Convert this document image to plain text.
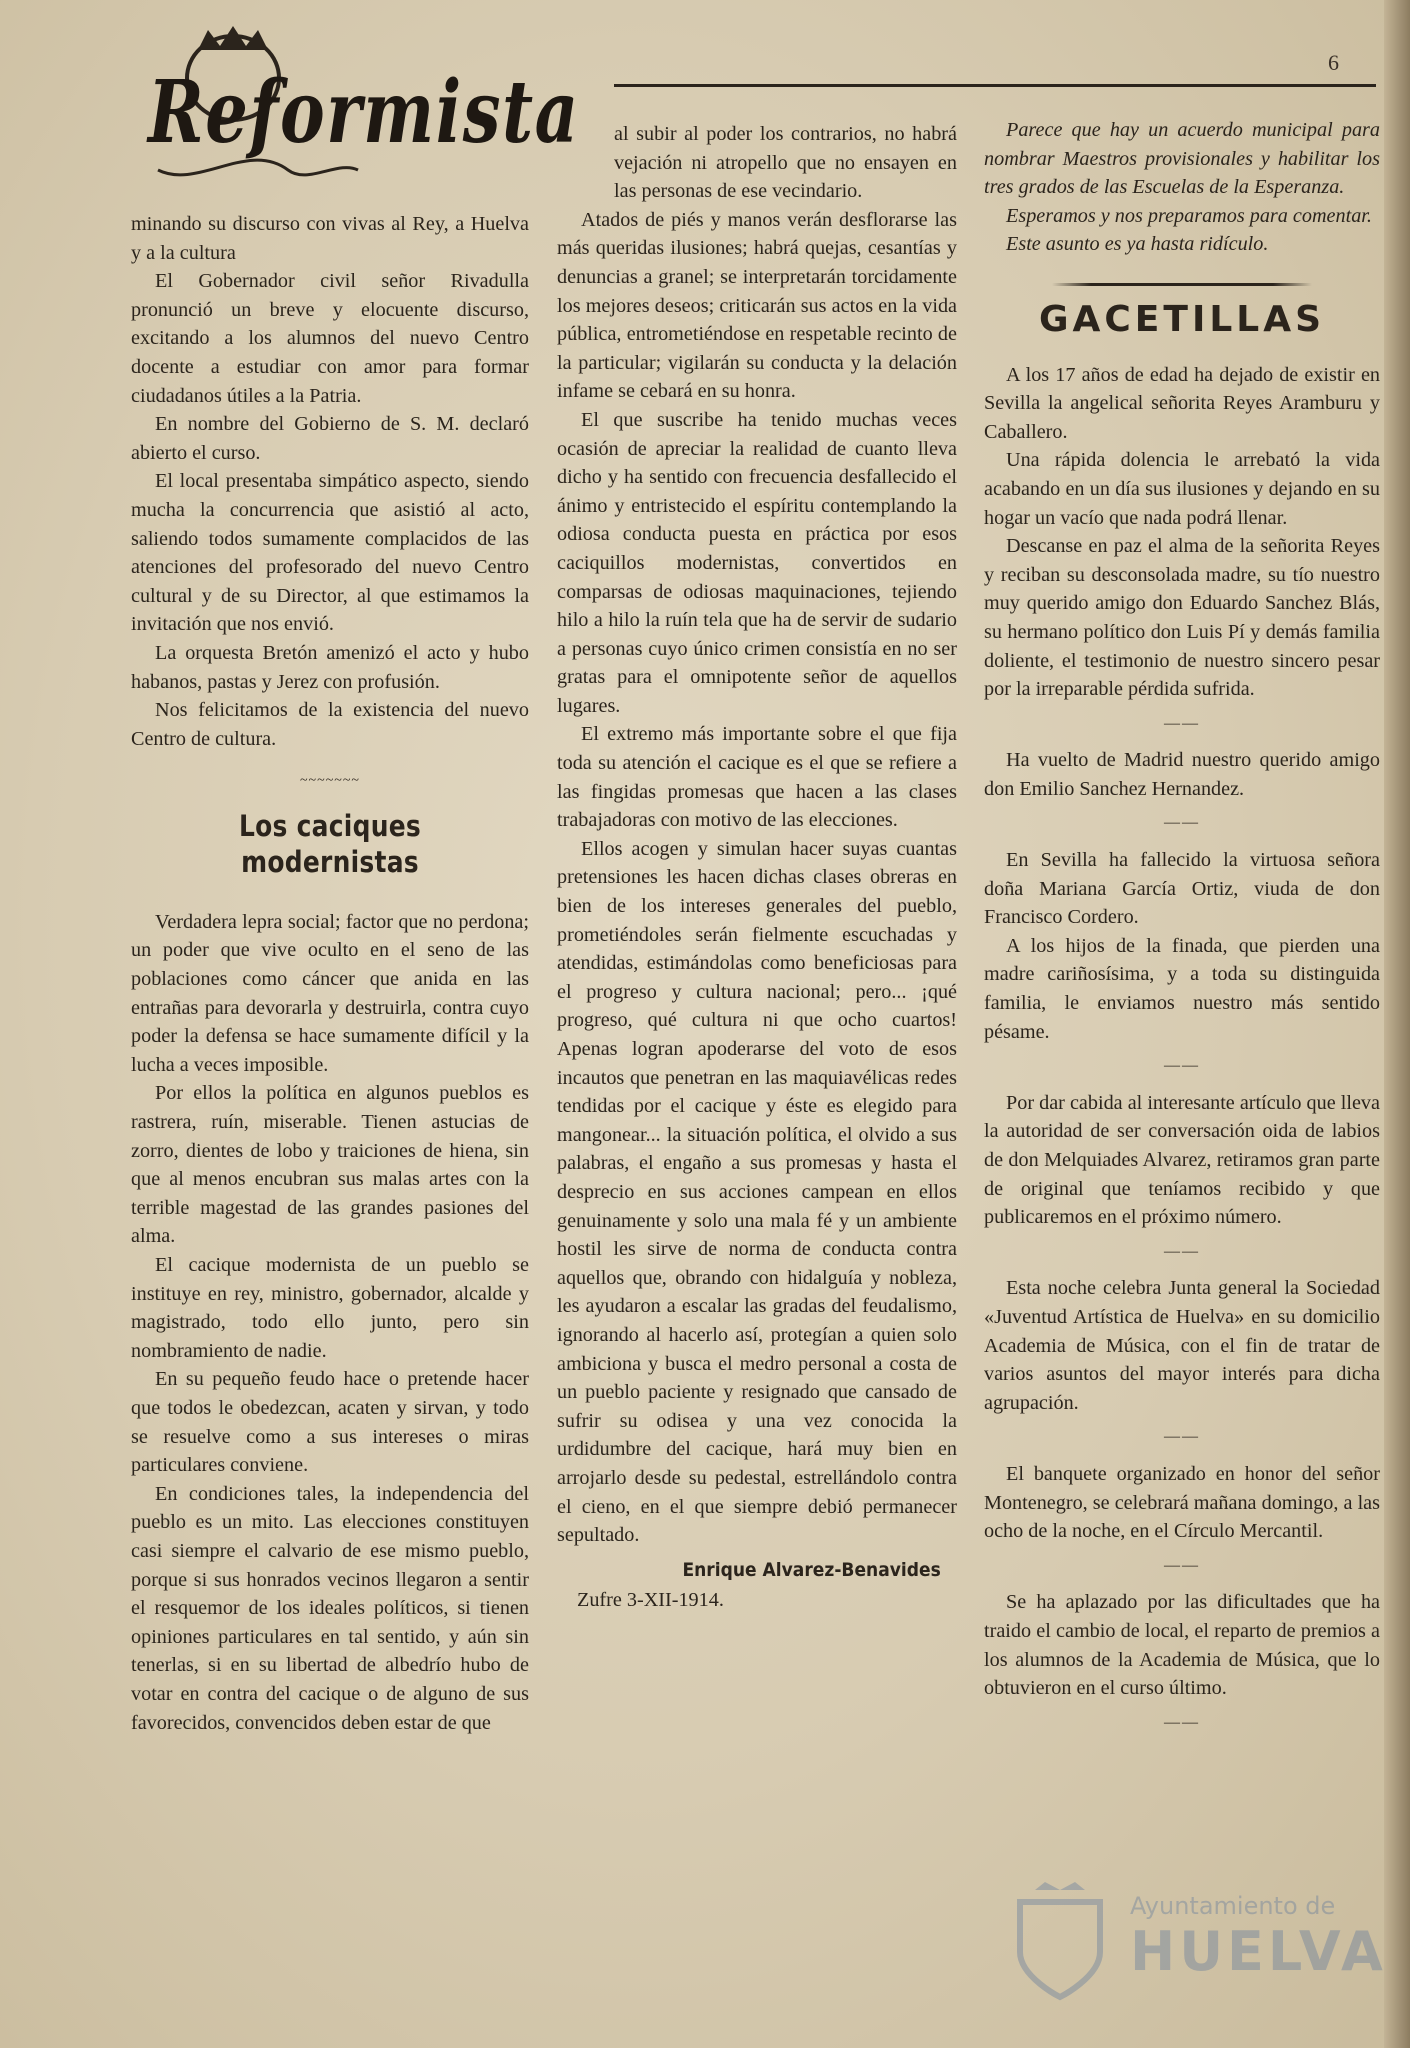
Reformista	6

minando su discurso con vivas al Rey, a Huelva y a la cultura

El Gobernador civil señor Rivadulla pronunció un breve y elocuente discurso, excitando a los alumnos del nuevo Centro docente a estudiar con amor para formar ciudadanos útiles a la Patria.

En nombre del Gobierno de S. M. declaró abierto el curso.

El local presentaba simpático aspecto, siendo mucha la concurrencia que asistió al acto, saliendo todos sumamente complacidos de las atenciones del profesorado del nuevo Centro cultural y de su Director, al que estimamos la invitación que nos envió.

La orquesta Bretón amenizó el acto y hubo habanos, pastas y Jerez con profusión.

Nos felicitamos de la existencia del nuevo Centro de cultura.

~~~~~~~
Los caciques modernistas

Verdadera lepra social; factor que no perdona; un poder que vive oculto en el seno de las poblaciones como cáncer que anida en las entrañas para devorarla y destruirla, contra cuyo poder la defensa se hace sumamente difícil y la lucha a veces imposible.

Por ellos la política en algunos pueblos es rastrera, ruín, miserable. Tienen astucias de zorro, dientes de lobo y traiciones de hiena, sin que al menos encubran sus malas artes con la terrible magestad de las grandes pasiones del alma.

El cacique modernista de un pueblo se instituye en rey, ministro, gobernador, alcalde y magistrado, todo ello junto, pero sin nombramiento de nadie.

En su pequeño feudo hace o pretende hacer que todos le obedezcan, acaten y sirvan, y todo se resuelve como a sus intereses o miras particulares conviene.

En condiciones tales, la independencia del pueblo es un mito. Las elecciones constituyen casi siempre el calvario de ese mismo pueblo, porque si sus honrados vecinos llegaron a sentir el resquemor de los ideales políticos, si tienen opiniones particulares en tal sentido, y aún sin tenerlas, si en su libertad de albedrío hubo de votar en contra del cacique o de alguno de sus favorecidos, convencidos deben estar de que

al subir al poder los contrarios, no habrá vejación ni atropello que no ensayen en las personas de ese vecindario.

Atados de piés y manos verán desflorarse las más queridas ilusiones; habrá quejas, cesantías y denuncias a granel; se interpretarán torcidamente los mejores deseos; criticarán sus actos en la vida pública, entrometiéndose en respetable recinto de la particular; vigilarán su conducta y la delación infame se cebará en su honra.

El que suscribe ha tenido muchas veces ocasión de apreciar la realidad de cuanto lleva dicho y ha sentido con frecuencia desfallecido el ánimo y entristecido el espíritu contemplando la odiosa conducta puesta en práctica por esos caciquillos modernistas, convertidos en comparsas de odiosas maquinaciones, tejiendo hilo a hilo la ruín tela que ha de servir de sudario a personas cuyo único crimen consistía en no ser gratas para el omnipotente señor de aquellos lugares.

El extremo más importante sobre el que fija toda su atención el cacique es el que se refiere a las fingidas promesas que hacen a las clases trabajadoras con motivo de las elecciones.

Ellos acogen y simulan hacer suyas cuantas pretensiones les hacen dichas clases obreras en bien de los intereses generales del pueblo, prometiéndoles serán fielmente escuchadas y atendidas, estimándolas como beneficiosas para el progreso y cultura nacional; pero... ¡qué progreso, qué cultura ni que ocho cuartos! Apenas logran apoderarse del voto de esos incautos que penetran en las maquiavélicas redes tendidas por el cacique y éste es elegido para mangonear... la situación política, el olvido a sus palabras, el engaño a sus promesas y hasta el desprecio en sus acciones campean en ellos genuinamente y solo una mala fé y un ambiente hostil les sirve de norma de conducta contra aquellos que, obrando con hidalguía y nobleza, les ayudaron a escalar las gradas del feudalismo, ignorando al hacerlo así, protegían a quien solo ambiciona y busca el medro personal a costa de un pueblo paciente y resignado que cansado de sufrir su odisea y una vez conocida la urdidumbre del cacique, hará muy bien en arrojarlo desde su pedestal, estrellándolo contra el cieno, en el que siempre debió permanecer sepultado.

Enrique Alvarez-Benavides

Zufre 3-XII-1914.

Parece que hay un acuerdo municipal para nombrar Maestros provisionales y habilitar los tres grados de las Escuelas de la Esperanza.

Esperamos y nos preparamos para comentar.

Este asunto es ya hasta ridículo.

GACETILLAS

A los 17 años de edad ha dejado de existir en Sevilla la angelical señorita Reyes Aramburu y Caballero.

Una rápida dolencia le arrebató la vida acabando en un día sus ilusiones y dejando en su hogar un vacío que nada podrá llenar.

Descanse en paz el alma de la señorita Reyes y reciban su desconsolada madre, su tío nuestro muy querido amigo don Eduardo Sanchez Blás, su hermano político don Luis Pí y demás familia doliente, el testimonio de nuestro sincero pesar por la irreparable pérdida sufrida.

——

Ha vuelto de Madrid nuestro querido amigo don Emilio Sanchez Hernandez.

——

En Sevilla ha fallecido la virtuosa señora doña Mariana García Ortiz, viuda de don Francisco Cordero.

A los hijos de la finada, que pierden una madre cariñosísima, y a toda su distinguida familia, le enviamos nuestro más sentido pésame.

——

Por dar cabida al interesante artículo que lleva la autoridad de ser conversación oida de labios de don Melquiades Alvarez, retiramos gran parte de original que teníamos recibido y que publicaremos en el próximo número.

——

Esta noche celebra Junta general la Sociedad «Juventud Artística de Huelva» en su domicilio Academia de Música, con el fin de tratar de varios asuntos del mayor interés para dicha agrupación.

——

El banquete organizado en honor del señor Montenegro, se celebrará mañana domingo, a las ocho de la noche, en el Círculo Mercantil.

——

Se ha aplazado por las dificultades que ha traido el cambio de local, el reparto de premios a los alumnos de la Academia de Música, que lo obtuvieron en el curso último.

——
Ayuntamiento de
HUELVA
